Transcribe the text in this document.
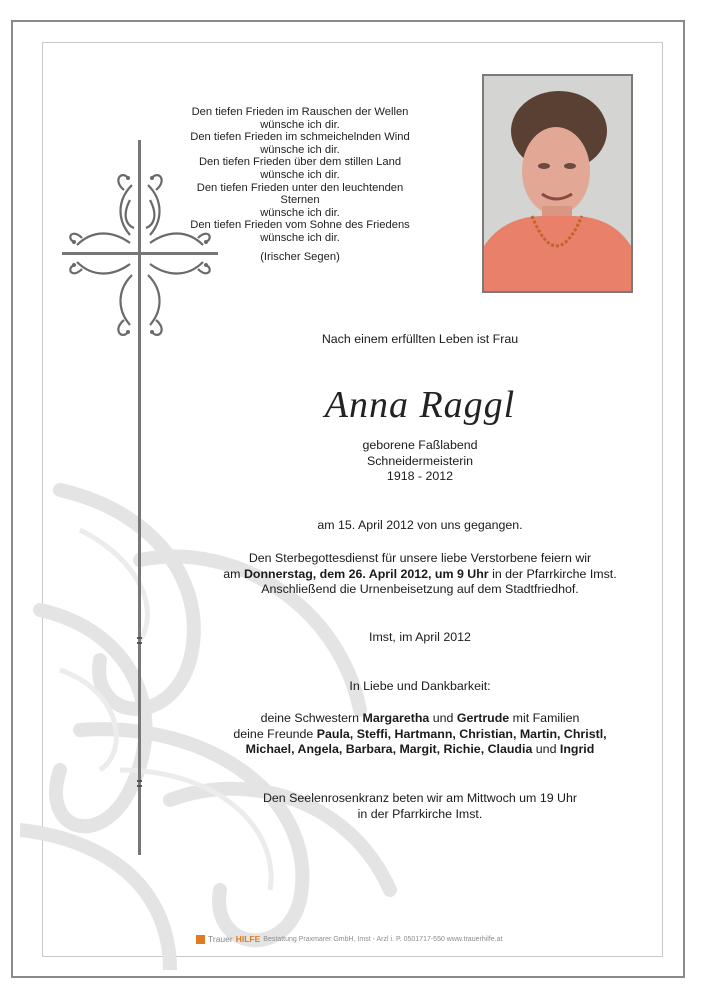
Den tiefen Frieden im Rauschen der Wellen
wünsche ich dir.
Den tiefen Frieden im schmeichelnden Wind
wünsche ich dir.
Den tiefen Frieden über dem stillen Land
wünsche ich dir.
Den tiefen Frieden unter den leuchtenden Sternen
wünsche ich dir.
Den tiefen Frieden vom Sohne des Friedens
wünsche ich dir.
(Irischer Segen)
Nach einem erfüllten Leben ist Frau
Anna Raggl
geborene Faßlabend
Schneidermeisterin
1918 - 2012
am 15. April 2012 von uns gegangen.
Den Sterbegottesdienst für unsere liebe Verstorbene feiern wir
am Donnerstag, dem 26. April 2012, um 9 Uhr in der Pfarrkirche Imst.
Anschließend die Urnenbeisetzung auf dem Stadtfriedhof.
Imst, im April 2012
In Liebe und Dankbarkeit:
deine Schwestern Margaretha und Gertrude mit Familien
deine Freunde Paula, Steffi, Hartmann, Christian, Martin, Christl,
Michael, Angela, Barbara, Margit, Richie, Claudia und Ingrid
Den Seelenrosenkranz beten wir am Mittwoch um 19 Uhr
in der Pfarrkirche Imst.
Trauer HILFE Bestattung Praxmarer GmbH, Imst - Arzl i. P. 0501717-550 www.trauerhilfe.at
